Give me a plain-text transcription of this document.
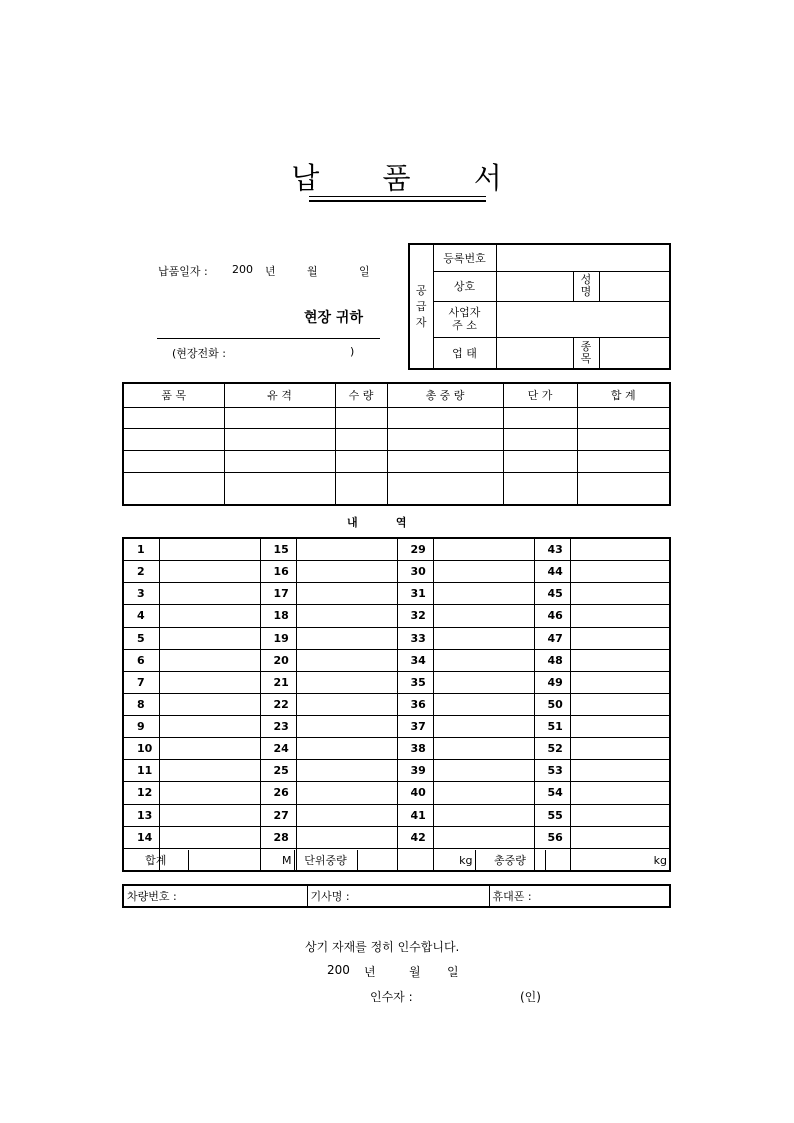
납 품 서
납품일자 : 200 년	월	일
현장 귀하
(현장전화 :	)
공
급
자	등록번호			
	상호		성
명	

	사업자
주 소			

	업 태		종
목	

품 목	유 격	수 량	총 중 량	단 가	합 계

내          역
1		15		29		43	
2		16		30		44	
3		17		31		45	
4		18		32		46	
5		19		33		47	
6		20		34		48	
7		21		35		49	
8		22		36		50	
9		23		37		51	
10		24		38		52	
11		25		39		53	
12		26		40		54	
13		27		41		55	
14		28		42		56	

합계	M	단위중량	kg	총중량	kg
차량번호 :	기사명 :	휴대폰 :
상기 자재를 정히 인수합니다.
200 년	월 일
인수자 :	(인)
